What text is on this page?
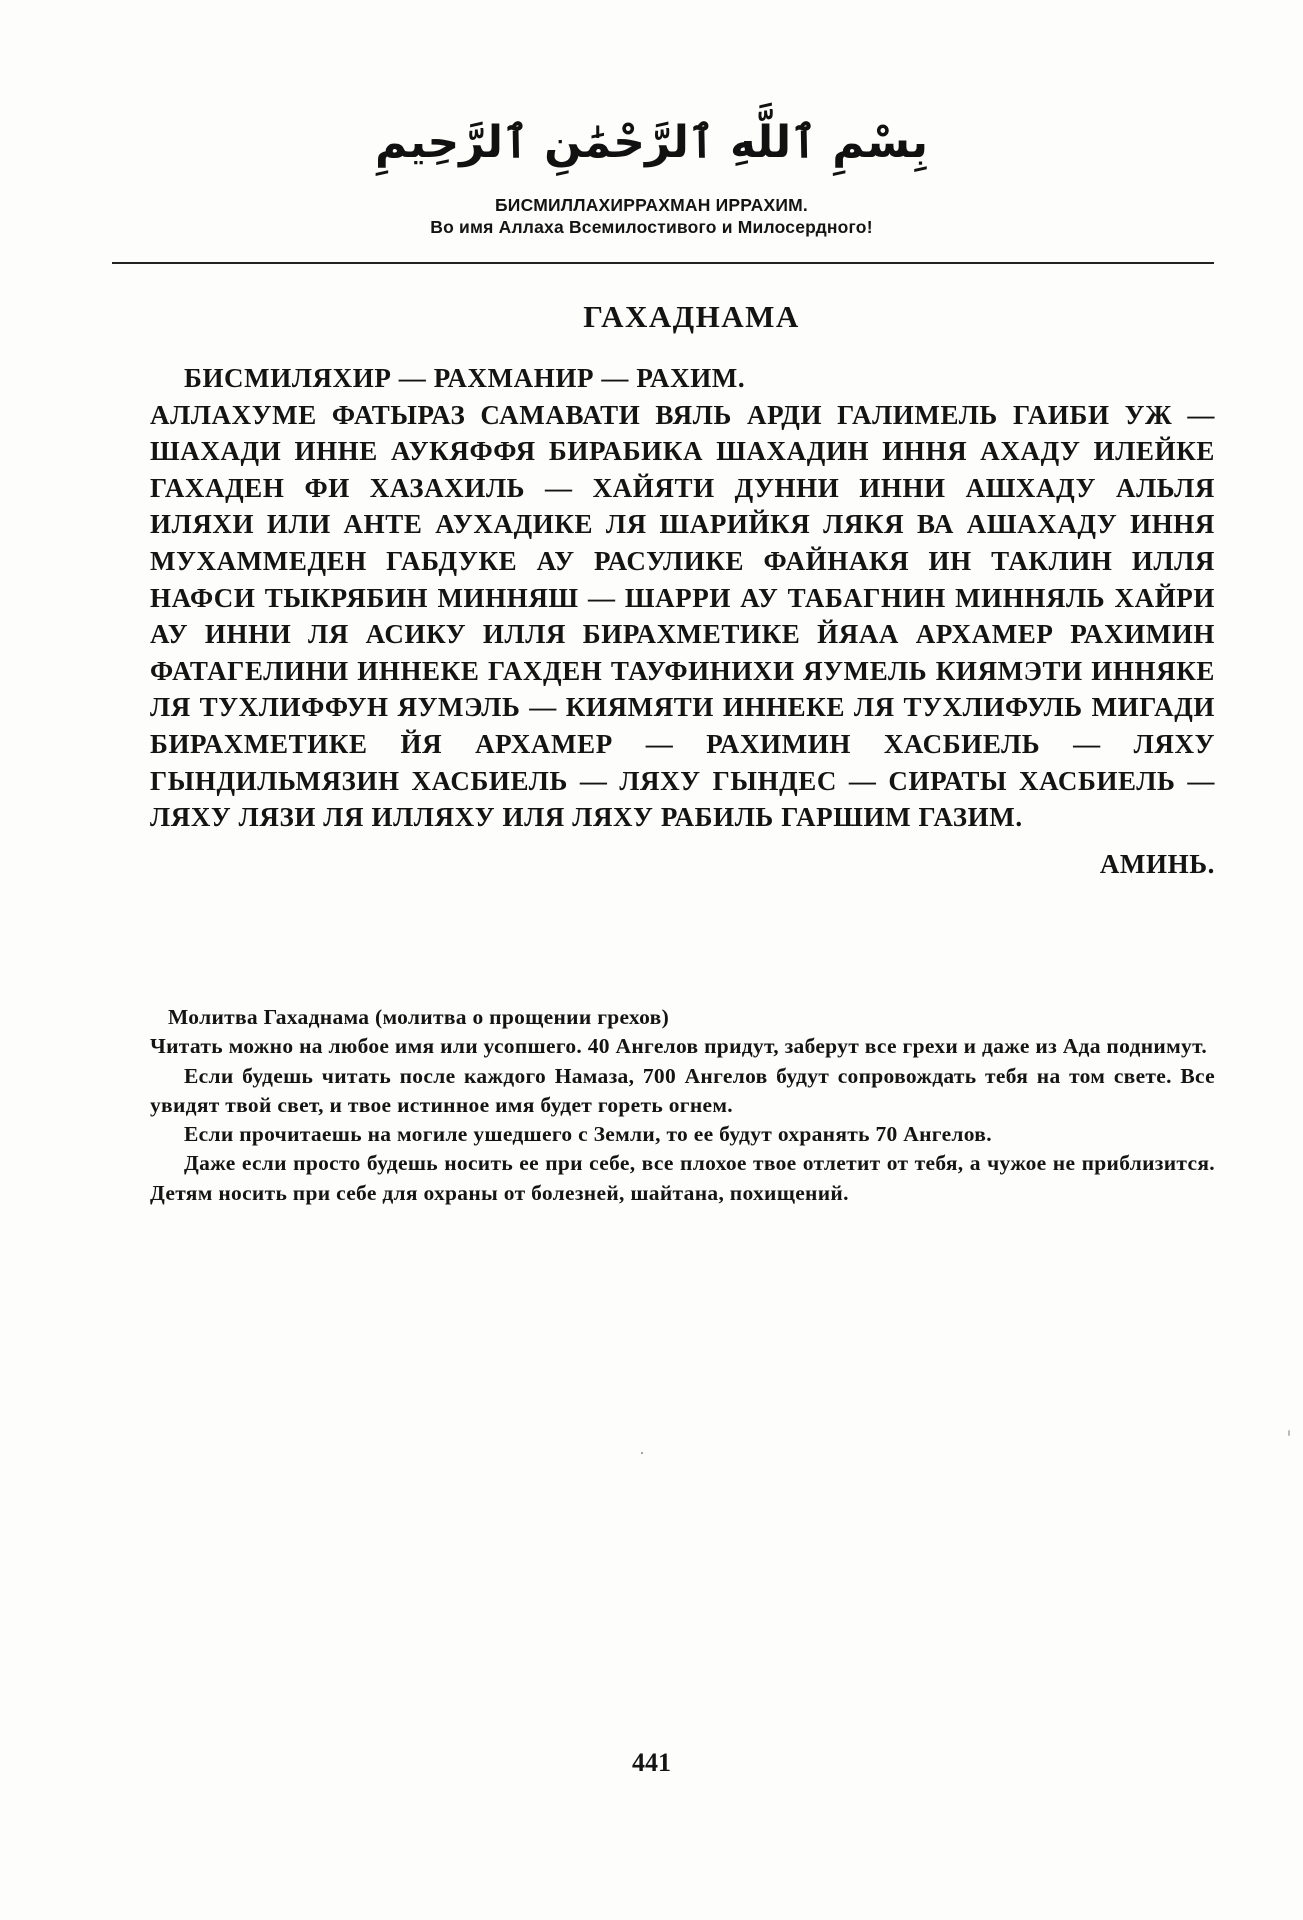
بِسْمِ ٱللَّهِ ٱلرَّحْمَٰنِ ٱلرَّحِيمِ
БИСМИЛЛАХИРРАХМАН ИРРАХИМ.
Во имя Аллаха Всемилостивого и Милосердного!
ГАХАДНАМА

БИСМИЛЯХИР — РАХМАНИР — РАХИМ.

АЛЛАХУМЕ ФАТЫРАЗ САМАВАТИ ВЯЛЬ АРДИ ГАЛИМЕЛЬ ГАИБИ УЖ — ШАХАДИ ИННЕ АУКЯФФЯ БИРАБИКА ШАХАДИН ИННЯ АХАДУ ИЛЕЙКЕ ГАХАДЕН ФИ ХАЗАХИЛЬ — ХАЙЯТИ ДУННИ ИННИ АШХАДУ АЛЬЛЯ ИЛЯХИ ИЛИ АНТЕ АУХАДИКЕ ЛЯ ШАРИЙКЯ ЛЯКЯ ВА АШАХАДУ ИННЯ МУХАММЕДЕН ГАБДУКЕ АУ РАСУЛИКЕ ФАЙНАКЯ ИН ТАКЛИН ИЛЛЯ НАФСИ ТЫКРЯБИН МИННЯШ — ШАРРИ АУ ТАБАГНИН МИННЯЛЬ ХАЙРИ АУ ИННИ ЛЯ АСИКУ ИЛЛЯ БИРАХМЕТИКЕ ЙЯАА АРХАМЕР РАХИМИН ФАТАГЕЛИНИ ИННЕКЕ ГАХДЕН ТАУФИНИХИ ЯУМЕЛЬ КИЯМЭТИ ИННЯКЕ ЛЯ ТУХЛИФФУН ЯУМЭЛЬ — КИЯМЯТИ ИННЕКЕ ЛЯ ТУХЛИФУЛЬ МИГАДИ БИРАХМЕТИКЕ ЙЯ АРХАМЕР — РАХИМИН ХАСБИЕЛЬ — ЛЯХУ ГЫНДИЛЬМЯЗИН ХАСБИЕЛЬ — ЛЯХУ ГЫНДЕС — СИРАТЫ ХАСБИЕЛЬ — ЛЯХУ ЛЯЗИ ЛЯ ИЛЛЯХУ ИЛЯ ЛЯХУ РАБИЛЬ ГАРШИМ ГАЗИМ.

АМИНЬ.

Молитва Гахаднама (молитва о прощении грехов)

Читать можно на любое имя или усопшего. 40 Ангелов придут, заберут все грехи и даже из Ада поднимут.

Если будешь читать после каждого Намаза, 700 Ангелов будут сопровождать тебя на том свете. Все увидят твой свет, и твое истинное имя будет гореть огнем.

Если прочитаешь на могиле ушедшего с Земли, то ее будут охранять 70 Ангелов.

Даже если просто будешь носить ее при себе, все плохое твое отлетит от тебя, а чужое не приблизится. Детям носить при себе для охраны от болезней, шайтана, похищений.

441
